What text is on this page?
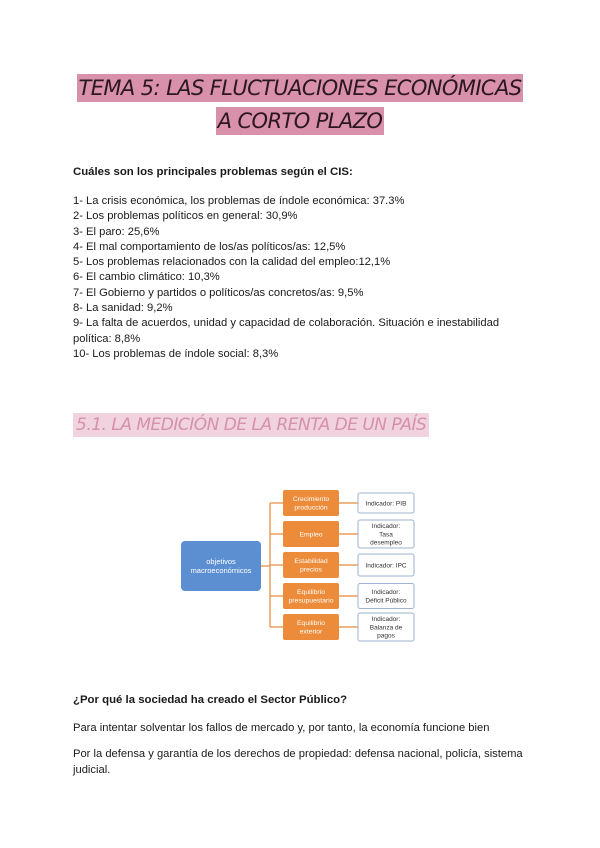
TEMA 5: LAS FLUCTUACIONES ECONÓMICAS
A CORTO PLAZO
Cuáles son los principales problemas según el CIS:
1- La crisis económica, los problemas de índole económica: 37.3%
2- Los problemas políticos en general: 30,9%
3- El paro: 25,6%
4- El mal comportamiento de los/as políticos/as: 12,5%
5- Los problemas relacionados con la calidad del empleo:12,1%
6- El cambio climático: 10,3%
7- El Gobierno y partidos o políticos/as concretos/as: 9,5%
8- La sanidad: 9,2%
9- La falta de acuerdos, unidad y capacidad de colaboración. Situación e inestabilidad política: 8,8%
10- Los problemas de índole social: 8,3%
5.1. LA MEDICIÓN DE LA RENTA DE UN PAÍS
objetivos
macroeconómicos
Crecimiento
producción
Indicador: PIB
Empleo
Indicador:
Tasa
desempleo
Estabilidad
precios
Indicador: IPC
Equilibrio
presupuestario
Indicador:
Déficit Público
Equilibrio
exterior
Indicador:
Balanza de
pagos
¿Por qué la sociedad ha creado el Sector Público?

Para intentar solventar los fallos de mercado y, por tanto, la economía funcione bien

Por la defensa y garantía de los derechos de propiedad: defensa nacional, policía, sistema judicial.
